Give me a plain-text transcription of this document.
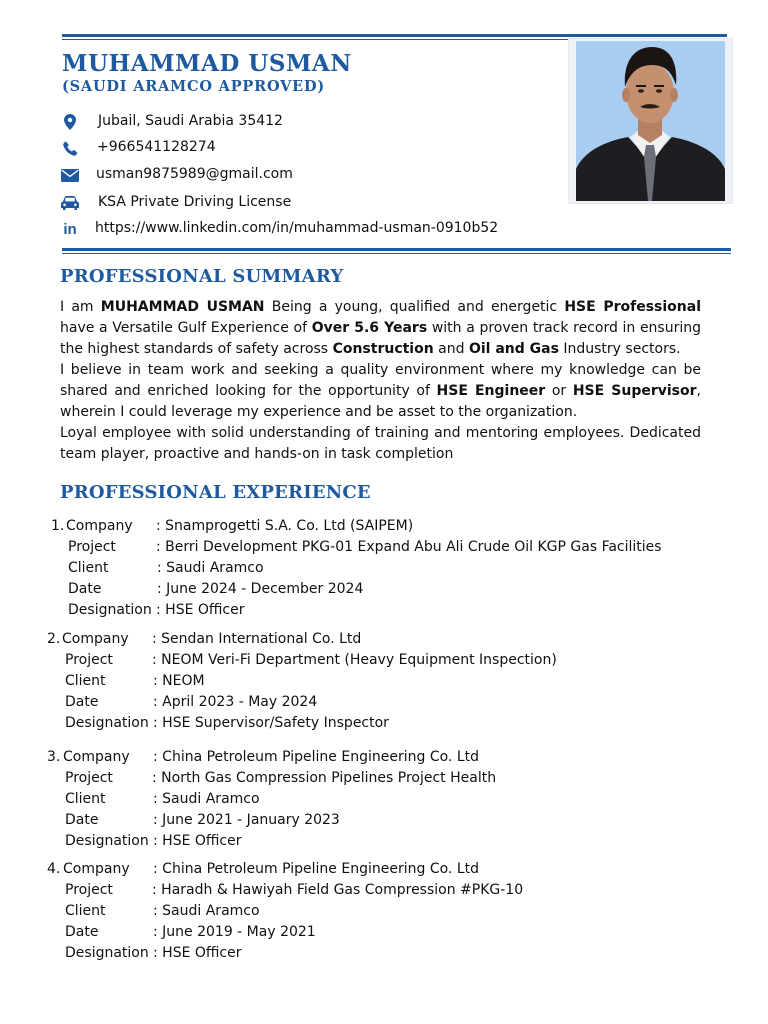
MUHAMMAD USMAN
(SAUDI ARAMCO APPROVED)
Jubail, Saudi Arabia 35412
+966541128274
usman9875989@gmail.com
KSA Private Driving License
in https://www.linkedin.com/in/muhammad-usman-0910b52
PROFESSIONAL SUMMARY

I am MUHAMMAD USMAN Being a young, qualified and energetic HSE Professional have a Versatile Gulf Experience of Over 5.6 Years with a proven track record in ensuring the highest standards of safety across Construction and Oil and Gas Industry sectors.

I believe in team work and seeking a quality environment where my knowledge can be shared and enriched looking for the opportunity of HSE Engineer or HSE Supervisor, wherein I could leverage my experience and be asset to the organization.

Loyal employee with solid understanding of training and mentoring employees. Dedicated team player, proactive and hands-on in task completion

PROFESSIONAL EXPERIENCE
1. Company : Snamprogetti S.A. Co. Ltd (SAIPEM)
Project	: Berri Development PKG-01 Expand Abu Ali Crude Oil KGP Gas Facilities
Client	: Saudi Aramco
Date	: June 2024 - December 2024
Designation : HSE Officer
2. Company : Sendan International Co. Ltd
Project	: NEOM Veri-Fi Department (Heavy Equipment Inspection)
Client	: NEOM
Date	: April 2023 - May 2024
Designation : HSE Supervisor/Safety Inspector
3. Company : China Petroleum Pipeline Engineering Co. Ltd
Project	: North Gas Compression Pipelines Project Health
Client	: Saudi Aramco
Date	: June 2021 - January 2023
Designation : HSE Officer
4. Company : China Petroleum Pipeline Engineering Co. Ltd
Project	: Haradh & Hawiyah Field Gas Compression #PKG-10
Client	: Saudi Aramco
Date	: June 2019 - May 2021
Designation : HSE Officer
